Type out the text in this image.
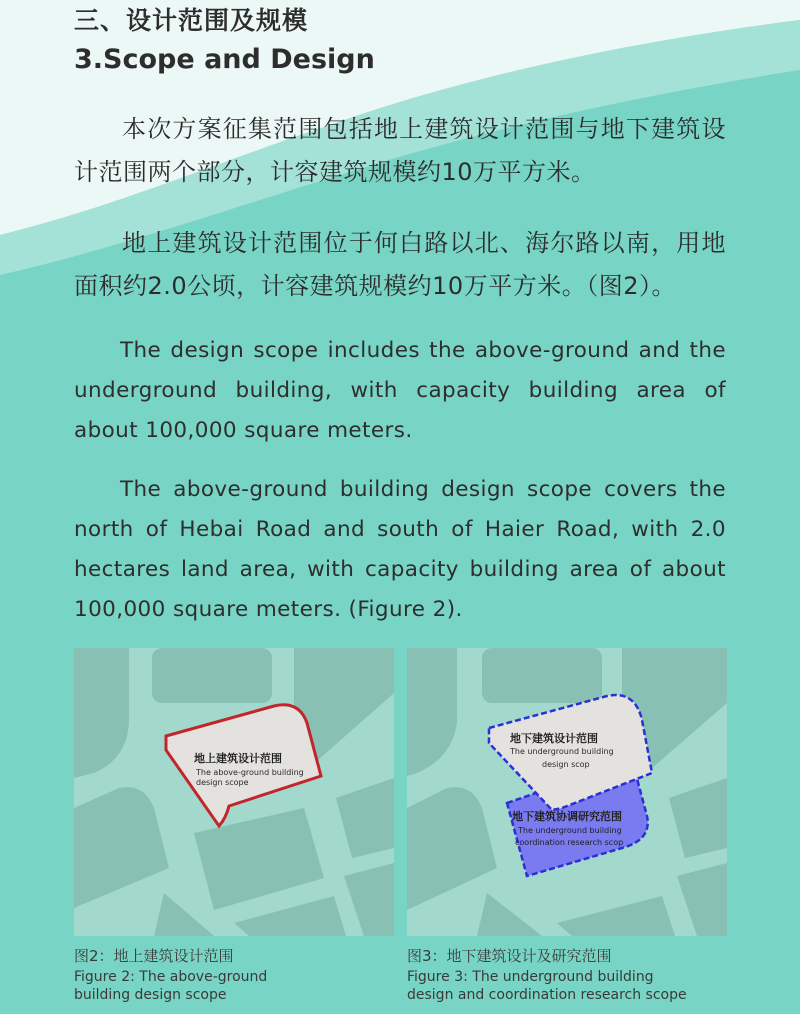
三、设计范围及规模
3.Scope and Design

本次方案征集范围包括地上建筑设计范围与地下建筑设计范围两个部分，计容建筑规模约10万平方米。

地上建筑设计范围位于何白路以北、海尔路以南，用地面积约2.0公顷，计容建筑规模约10万平方米。（图2）。

The design scope includes the above-ground and the underground building, with capacity building area of about 100,000 square meters.

The above-ground building design scope covers the north of Hebai Road and south of Haier Road, with 2.0 hectares land area, with capacity building area of about 100,000 square meters. (Figure 2).

地上建筑设计范围
The above-ground building
design scope
地下建筑设计范围
The underground building
design scop
地下建筑协调研究范围
The underground building
coordination research scop
图2：地上建筑设计范围
Figure 2: The above-ground
building design scope
图3：地下建筑设计及研究范围
Figure 3: The underground building
design and coordination research scope
